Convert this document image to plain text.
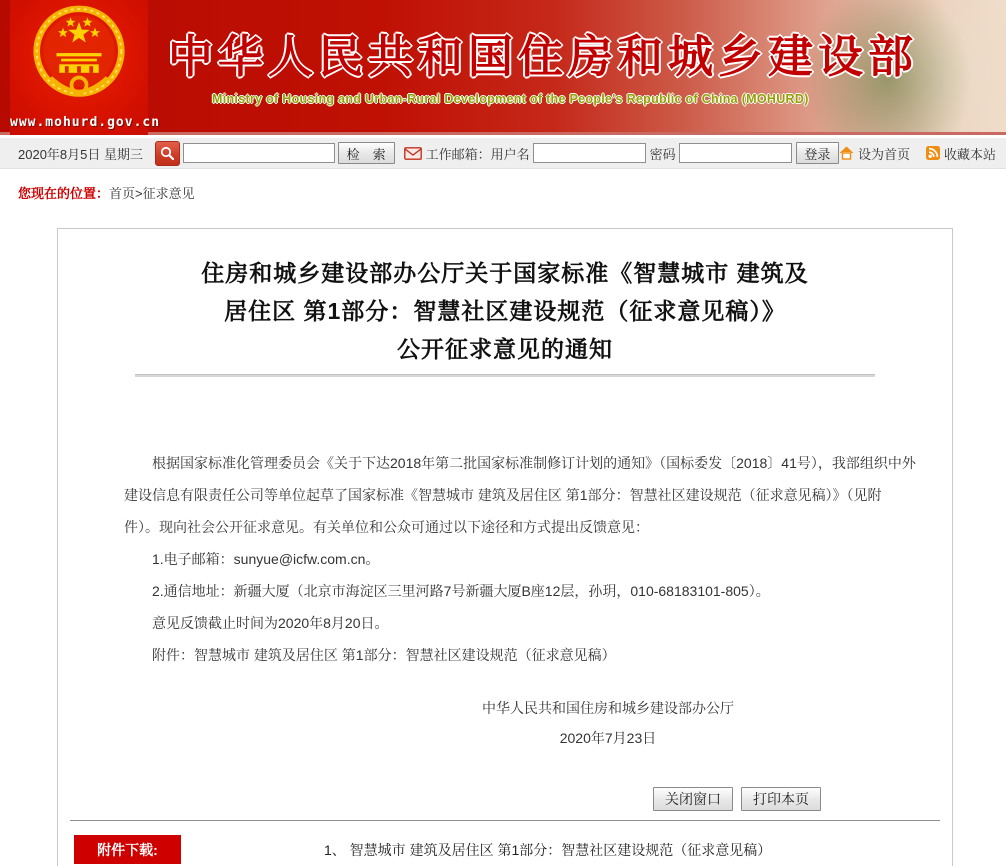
www.mohurd.gov.cn
中华人民共和国住房和城乡建设部
Ministry of Housing and Urban-Rural Development of the People's Republic of China (MOHURD)
2020年8月5日 星期三	检　索	工作邮箱：用户名	密码	登录	设为首页	收藏本站
您现在的位置：首页>征求意见
住房和城乡建设部办公厅关于国家标准《智慧城市 建筑及
居住区 第1部分：智慧社区建设规范（征求意见稿）》
公开征求意见的通知

根据国家标准化管理委员会《关于下达2018年第二批国家标准制修订计划的通知》（国标委发〔2018〕41号），我部组织中外建设信息有限责任公司等单位起草了国家标准《智慧城市 建筑及居住区 第1部分：智慧社区建设规范（征求意见稿）》（见附件）。现向社会公开征求意见。有关单位和公众可通过以下途径和方式提出反馈意见：

1.电子邮箱：sunyue@icfw.com.cn。

2.通信地址：新疆大厦（北京市海淀区三里河路7号新疆大厦B座12层，孙玥，010-68183101-805）。

意见反馈截止时间为2020年8月20日。

附件：智慧城市 建筑及居住区 第1部分：智慧社区建设规范（征求意见稿）

中华人民共和国住房和城乡建设部办公厅
2020年7月23日
关闭窗口	打印本页
附件下载:	1、 智慧城市 建筑及居住区 第1部分：智慧社区建设规范（征求意见稿）
